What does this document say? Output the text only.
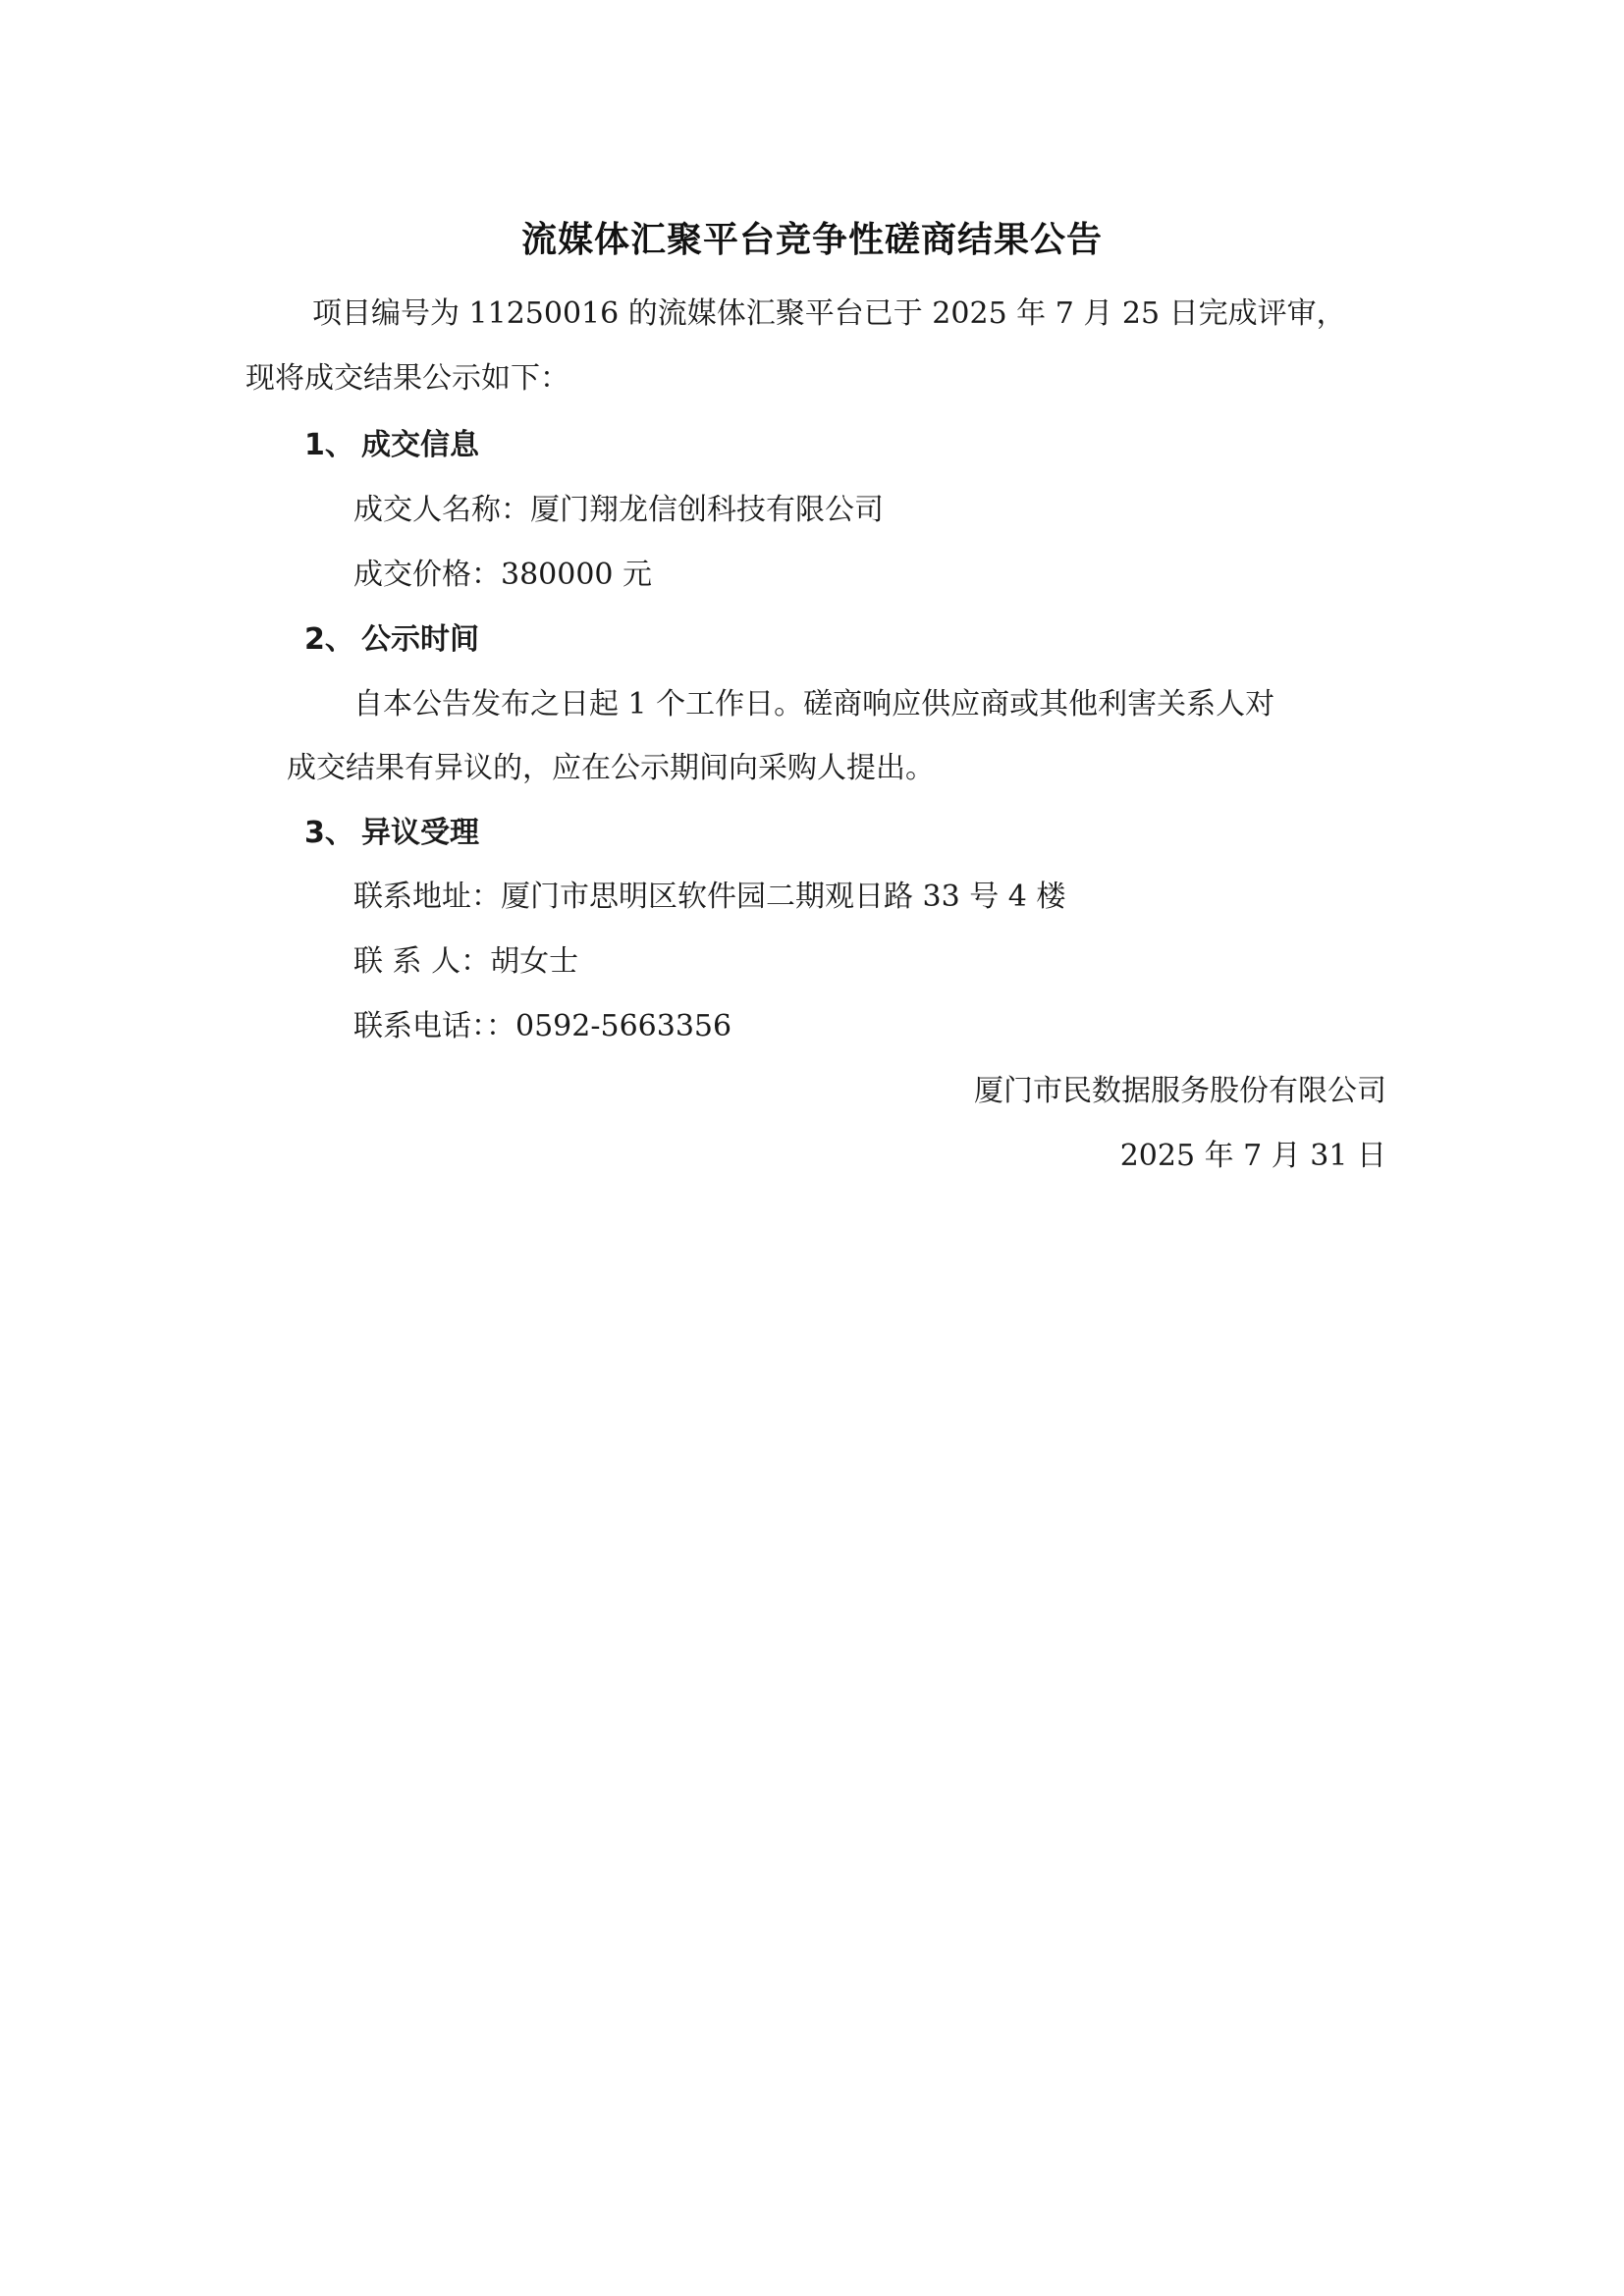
流媒体汇聚平台竞争性磋商结果公告

项目编号为 11250016 的流媒体汇聚平台已于 2025 年 7 月 25 日完成评审，

现将成交结果公示如下：

1、 成交信息

成交人名称：厦门翔龙信创科技有限公司

成交价格：380000 元

2、 公示时间

自本公告发布之日起 1 个工作日。磋商响应供应商或其他利害关系人对

成交结果有异议的，应在公示期间向采购人提出。

3、 异议受理

联系地址：厦门市思明区软件园二期观日路 33 号 4 楼

联 系 人：胡女士

联系电话：：0592-5663356

厦门市民数据服务股份有限公司

2025 年 7 月 31 日
